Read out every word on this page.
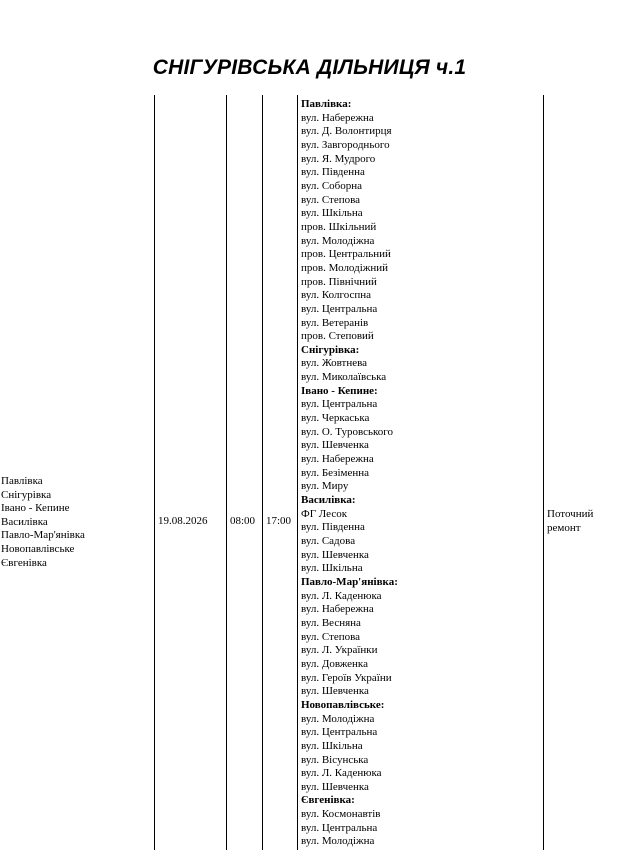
СНІГУРІВСЬКА ДІЛЬНИЦЯ ч.1
Павлівка
Снігурівка
Івано - Кепине
Василівка
Павло-Мар'янівка
Новопавлівське
Євгенівка
19.08.2026 08:00 17:00
Павлівка:
вул. Набережна
вул. Д. Волонтирця
вул. Завгороднього
вул. Я. Мудрого
вул. Південна
вул. Соборна
вул. Степова
вул. Шкільна
пров. Шкільний
вул. Молодіжна
пров. Центральний
пров. Молодіжний
пров. Північний
вул. Колгоспна
вул. Центральна
вул. Ветеранів
пров. Степовий
Снігурівка:
вул. Жовтнева
вул. Миколаївська
Івано - Кепине:
вул. Центральна
вул. Черкаська
вул. О. Туровського
вул. Шевченка
вул. Набережна
вул. Безіменна
вул. Миру
Василівка:
ФГ Лесок
вул. Південна
вул. Садова
вул. Шевченка
вул. Шкільна
Павло-Мар'янівка:
вул. Л. Каденюка
вул. Набережна
вул. Весняна
вул. Степова
вул. Л. Українки
вул. Довженка
вул. Героїв України
вул. Шевченка
Новопавлівське:
вул. Молодіжна
вул. Центральна
вул. Шкільна
вул. Вісунська
вул. Л. Каденюка
вул. Шевченка
Євгенівка:
вул. Космонавтів
вул. Центральна
вул. Молодіжна
Поточний
ремонт
